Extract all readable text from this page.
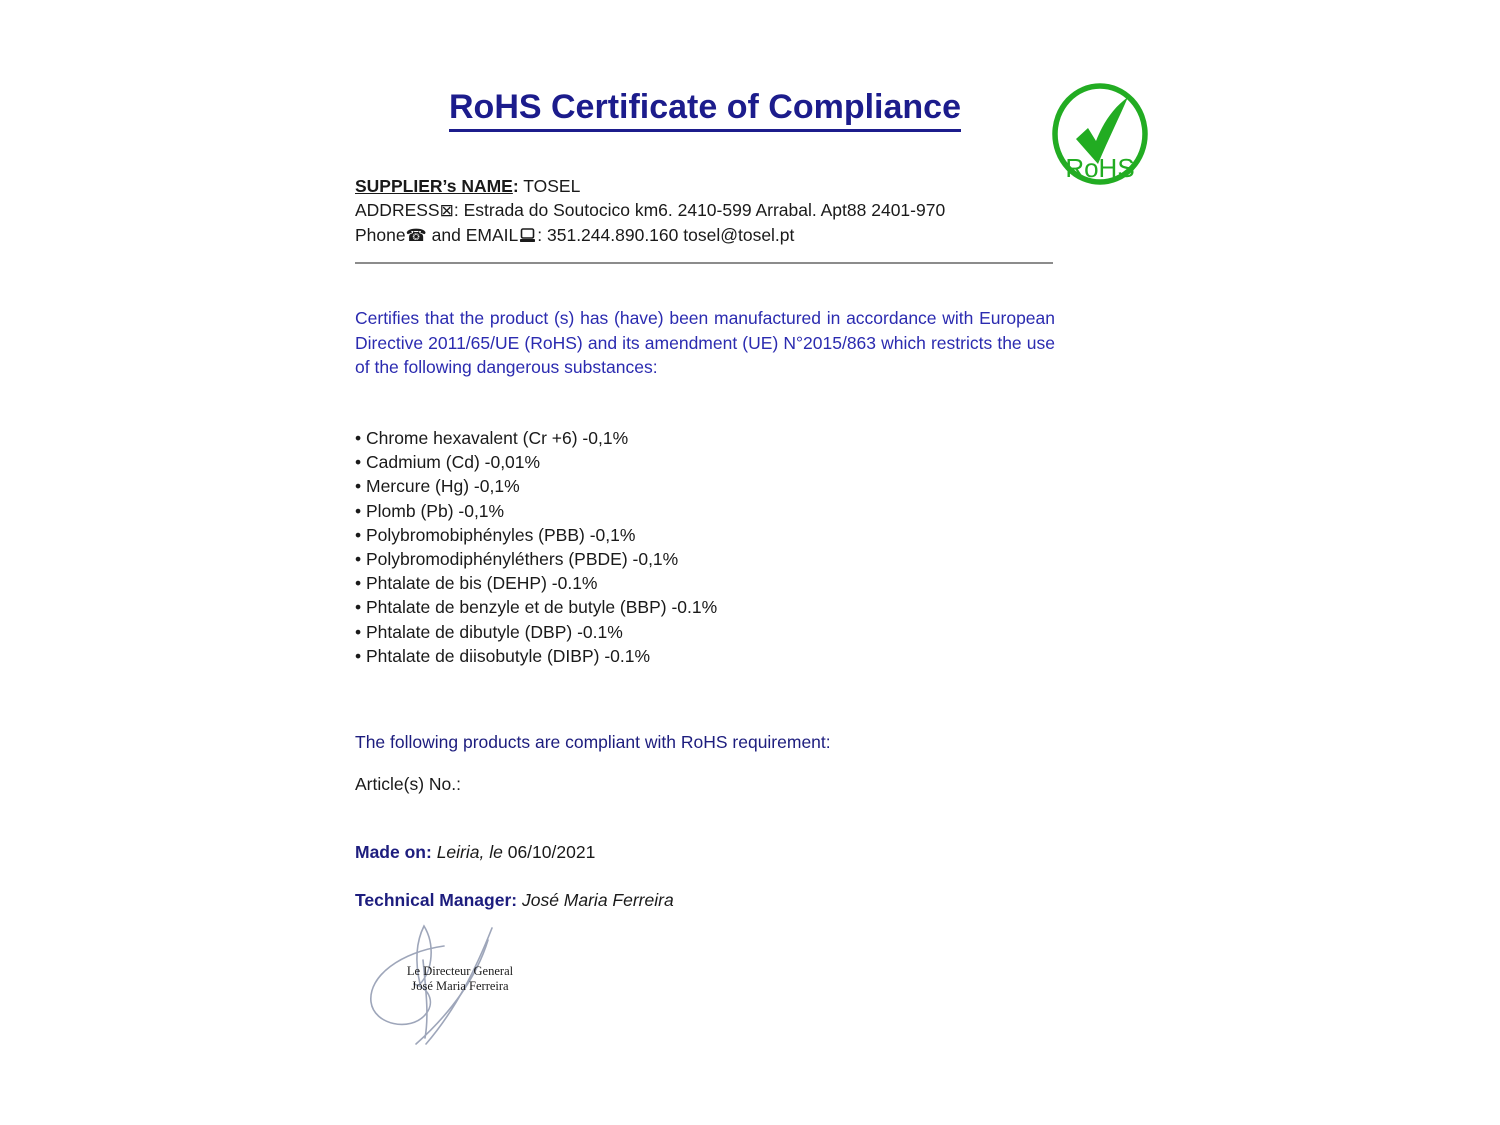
RoHS Certificate of Compliance
RoHS
SUPPLIER’s NAME: TOSEL
ADDRESS⊠: Estrada do Soutocico km6. 2410-599 Arrabal. Apt88 2401-970
Phone☎ and EMAIL : 351.244.890.160 tosel@tosel.pt

Certifies that the product (s) has (have) been manufactured in accordance with European Directive 2011/65/UE (RoHS) and its amendment (UE) N°2015/863 which restricts the use of the following dangerous substances:

• Chrome hexavalent (Cr +6) -0,1%
• Cadmium (Cd) -0,01%
• Mercure (Hg) -0,1%
• Plomb (Pb) -0,1%
• Polybromobiphényles (PBB) -0,1%
• Polybromodiphényléthers (PBDE) -0,1%
• Phtalate de bis (DEHP) -0.1%
• Phtalate de benzyle et de butyle (BBP) -0.1%
• Phtalate de dibutyle (DBP) -0.1%
• Phtalate de diisobutyle (DIBP) -0.1%

The following products are compliant with RoHS requirement:

Article(s) No.:

Made on: Leiria, le 06/10/2021

Technical Manager: José Maria Ferreira

Le Directeur General
José Maria Ferreira
